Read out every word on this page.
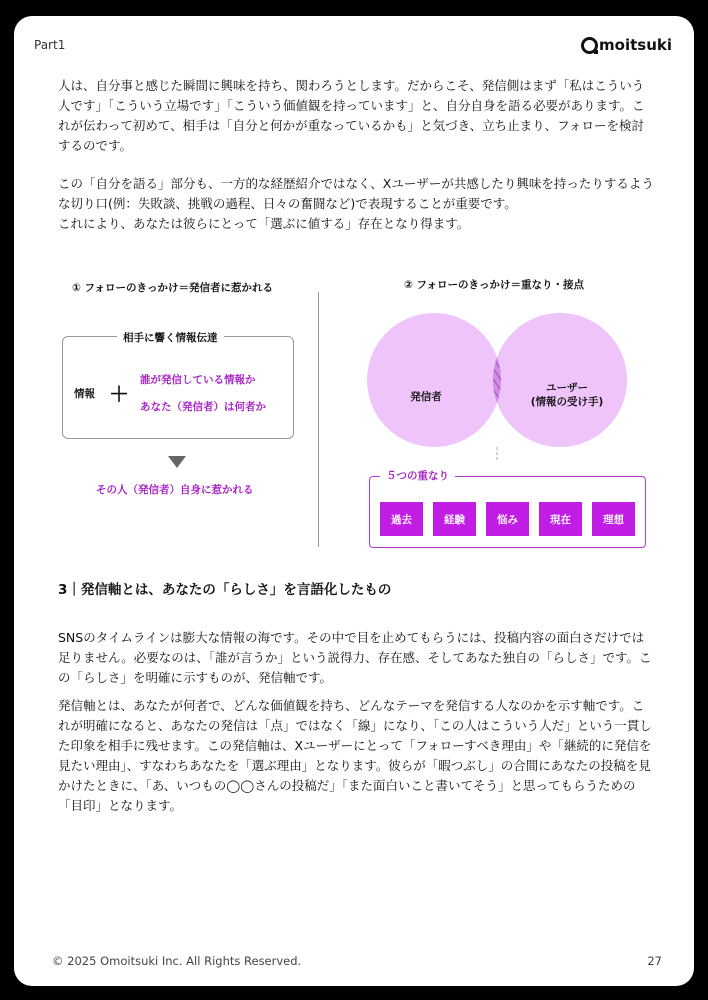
Part1	moitsuki

人は、自分事と感じた瞬間に興味を持ち、関わろうとします。だからこそ、発信側はまず「私はこういう人です」「こういう立場です」「こういう価値観を持っています」と、自分自身を語る必要があります。これが伝わって初めて、相手は「自分と何かが重なっているかも」と気づき、立ち止まり、フォローを検討するのです。

この「自分を語る」部分も、一方的な経歴紹介ではなく、Xユーザーが共感したり興味を持ったりするような切り口(例：失敗談、挑戦の過程、日々の奮闘など)で表現することが重要です。
これにより、あなたは彼らにとって「選ぶに値する」存在となり得ます。
① フォローのきっかけ＝発信者に惹かれる
相手に響く情報伝達
情報 ＋
誰が発信している情報か
あなた（発信者）は何者か
その人（発信者）自身に惹かれる
② フォローのきっかけ＝重なり・接点
発信者
ユーザー
(情報の受け手)
５つの重なり
過去	経験	悩み	現在	理想
3｜発信軸とは、あなたの「らしさ」を言語化したもの

SNSのタイムラインは膨大な情報の海です。その中で目を止めてもらうには、投稿内容の面白さだけでは足りません。必要なのは、「誰が言うか」という説得力、存在感、そしてあなた独自の「らしさ」です。この「らしさ」を明確に示すものが、発信軸です。

発信軸とは、あなたが何者で、どんな価値観を持ち、どんなテーマを発信する人なのかを示す軸です。これが明確になると、あなたの発信は「点」ではなく「線」になり、「この人はこういう人だ」という一貫した印象を相手に残せます。この発信軸は、Xユーザーにとって「フォローすべき理由」や「継続的に発信を見たい理由」、すなわちあなたを「選ぶ理由」となります。彼らが「暇つぶし」の合間にあなたの投稿を見かけたときに、「あ、いつもの◯◯さんの投稿だ」「また面白いこと書いてそう」と思ってもらうための「目印」となります。

© 2025 Omoitsuki Inc. All Rights Reserved.	27
